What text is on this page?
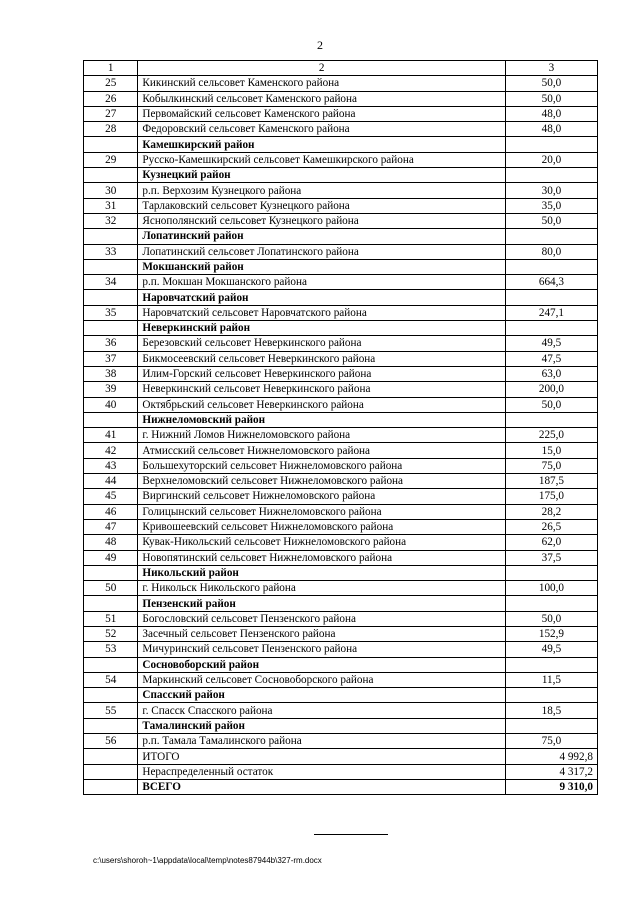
2
1	2	3
25	Кикинский сельсовет Каменского района	50,0
26	Кобылкинский сельсовет Каменского района	50,0
27	Первомайский сельсовет Каменского района	48,0
28	Федоровский сельсовет Каменского района	48,0
	Камешкирский район	
29	Русско-Камешкирский сельсовет Камешкирского района	20,0
	Кузнецкий район	
30	р.п. Верхозим Кузнецкого района	30,0
31	Тарлаковский сельсовет Кузнецкого района	35,0
32	Яснополянский сельсовет Кузнецкого района	50,0
	Лопатинский район	
33	Лопатинский сельсовет Лопатинского района	80,0
	Мокшанский район	
34	р.п. Мокшан Мокшанского района	664,3
	Наровчатский район	
35	Наровчатский сельсовет Наровчатского района	247,1
	Неверкинский район	
36	Березовский сельсовет Неверкинского района	49,5
37	Бикмосеевский сельсовет Неверкинского района	47,5
38	Илим-Горский сельсовет Неверкинского района	63,0
39	Неверкинский сельсовет Неверкинского района	200,0
40	Октябрьский сельсовет Неверкинского района	50,0
	Нижнеломовский район	
41	г. Нижний Ломов Нижнеломовского района	225,0
42	Атмисский сельсовет Нижнеломовского района	15,0
43	Большехуторский сельсовет Нижнеломовского района	75,0
44	Верхнеломовский сельсовет Нижнеломовского района	187,5
45	Виргинский сельсовет Нижнеломовского района	175,0
46	Голицынский сельсовет Нижнеломовского района	28,2
47	Кривошеевский сельсовет Нижнеломовского района	26,5
48	Кувак-Никольский сельсовет Нижнеломовского района	62,0
49	Новопятинский сельсовет Нижнеломовского района	37,5
	Никольский район	
50	г. Никольск Никольского района	100,0
	Пензенский район	
51	Богословский сельсовет Пензенского района	50,0
52	Засечный сельсовет Пензенского района	152,9
53	Мичуринский сельсовет Пензенского района	49,5
	Сосновоборский район	
54	Маркинский сельсовет Сосновоборского района	11,5
	Спасский район	
55	г. Спасск Спасского района	18,5
	Тамалинский район	
56	р.п. Тамала Тамалинского района	75,0
	ИТОГО	4 992,8
	Нераспределенный остаток	4 317,2
	ВСЕГО	9 310,0
c:\users\shoroh~1\appdata\local\temp\notes87944b\327-rm.docx
